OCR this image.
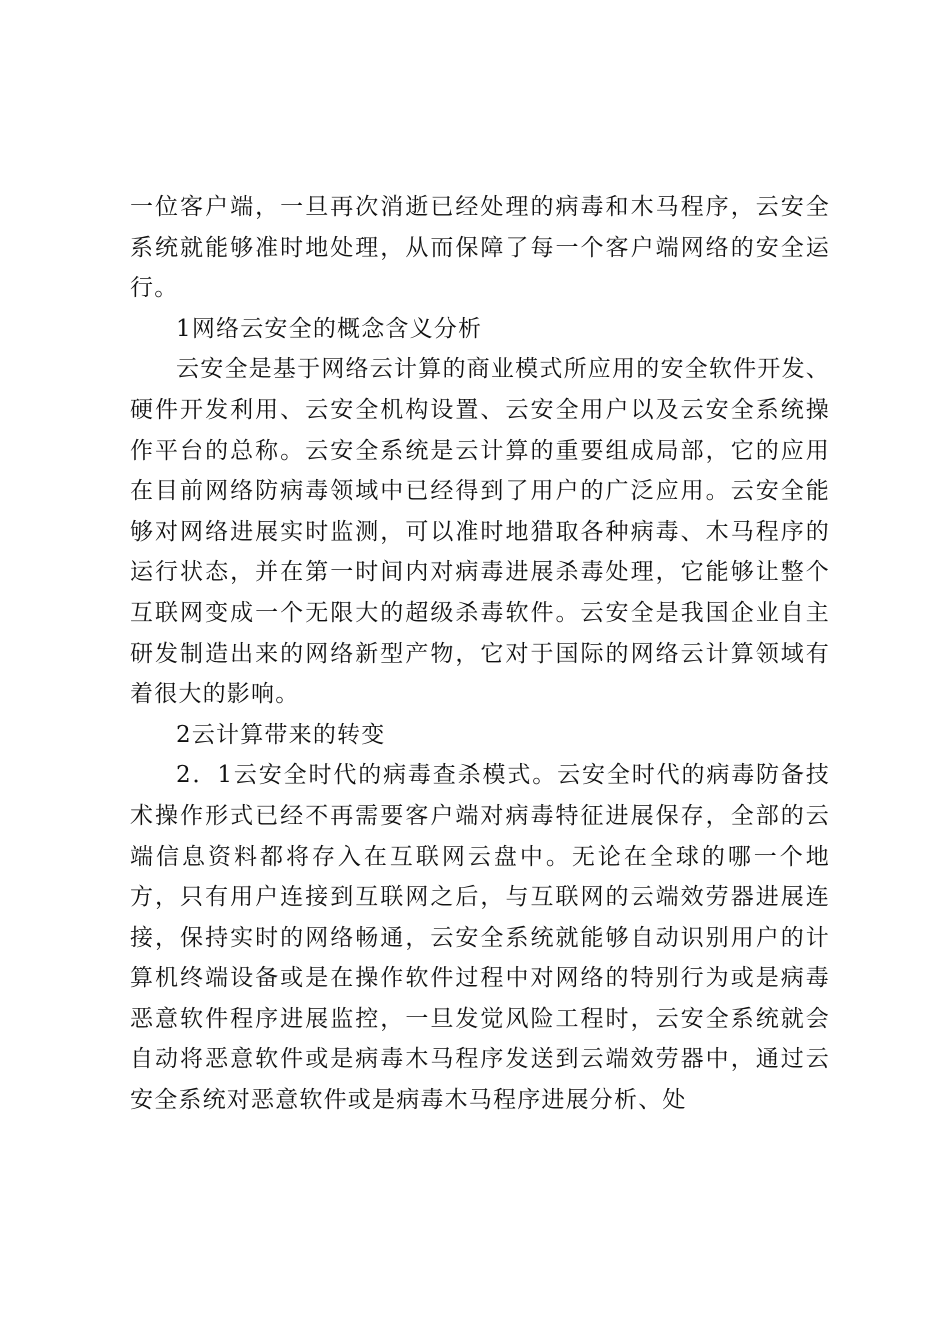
一位客户端，一旦再次消逝已经处理的病毒和木马程序，云安全系统就能够准时地处理，从而保障了每一个客户端网络的安全运行。

1网络云安全的概念含义分析

云安全是基于网络云计算的商业模式所应用的安全软件开发、硬件开发利用、云安全机构设置、云安全用户以及云安全系统操作平台的总称。云安全系统是云计算的重要组成局部，它的应用在目前网络防病毒领域中已经得到了用户的广泛应用。云安全能够对网络进展实时监测，可以准时地猎取各种病毒、木马程序的运行状态，并在第一时间内对病毒进展杀毒处理，它能够让整个互联网变成一个无限大的超级杀毒软件。云安全是我国企业自主研发制造出来的网络新型产物，它对于国际的网络云计算领域有着很大的影响。

2云计算带来的转变

2．1云安全时代的病毒查杀模式。云安全时代的病毒防备技术操作形式已经不再需要客户端对病毒特征进展保存，全部的云端信息资料都将存入在互联网云盘中。无论在全球的哪一个地方，只有用户连接到互联网之后，与互联网的云端效劳器进展连接，保持实时的网络畅通，云安全系统就能够自动识别用户的计算机终端设备或是在操作软件过程中对网络的特别行为或是病毒恶意软件程序进展监控，一旦发觉风险工程时，云安全系统就会自动将恶意软件或是病毒木马程序发送到云端效劳器中，通过云安全系统对恶意软件或是病毒木马程序进展分析、处
